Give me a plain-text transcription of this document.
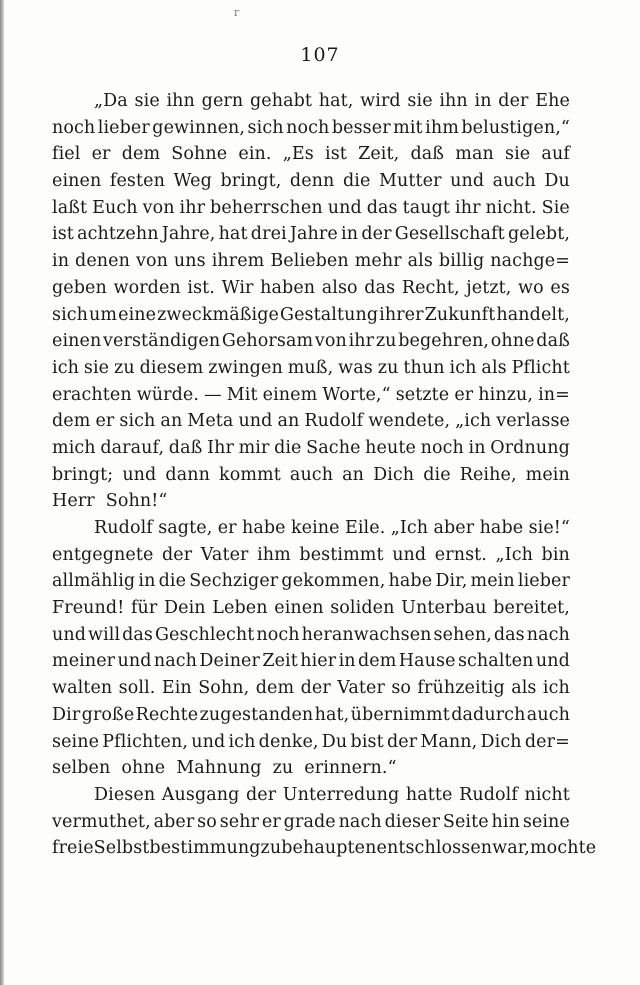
г
107
„Da sie ihn gern gehabt hat, wird sie ihn in der Ehe
noch lieber gewinnen, sich noch besser mit ihm belustigen,“
fiel er dem Sohne ein. „Es ist Zeit, daß man sie auf
einen festen Weg bringt, denn die Mutter und auch Du
laßt Euch von ihr beherrschen und das taugt ihr nicht. Sie
ist achtzehn Jahre, hat drei Jahre in der Gesellschaft gelebt,
in denen von uns ihrem Belieben mehr als billig nachge=
geben worden ist. Wir haben also das Recht, jetzt, wo es
sich um eine zweckmäßige Gestaltung ihrer Zukunft handelt,
einen verständigen Gehorsam von ihr zu begehren, ohne daß
ich sie zu diesem zwingen muß, was zu thun ich als Pflicht
erachten würde. — Mit einem Worte,“ setzte er hinzu, in=
dem er sich an Meta und an Rudolf wendete, „ich verlasse
mich darauf, daß Ihr mir die Sache heute noch in Ordnung
bringt; und dann kommt auch an Dich die Reihe, mein
Herr Sohn!“
Rudolf sagte, er habe keine Eile. „Ich aber habe sie!“
entgegnete der Vater ihm bestimmt und ernst. „Ich bin
allmählig in die Sechziger gekommen, habe Dir, mein lieber
Freund! für Dein Leben einen soliden Unterbau bereitet,
und will das Geschlecht noch heranwachsen sehen, das nach
meiner und nach Deiner Zeit hier in dem Hause schalten und
walten soll. Ein Sohn, dem der Vater so frühzeitig als ich
Dir große Rechte zugestanden hat, übernimmt dadurch auch
seine Pflichten, und ich denke, Du bist der Mann, Dich der=
selben ohne Mahnung zu erinnern.“
Diesen Ausgang der Unterredung hatte Rudolf nicht
vermuthet, aber so sehr er grade nach dieser Seite hin seine
freie Selbstbestimmung zu behaupten entschlossen war, mochte
